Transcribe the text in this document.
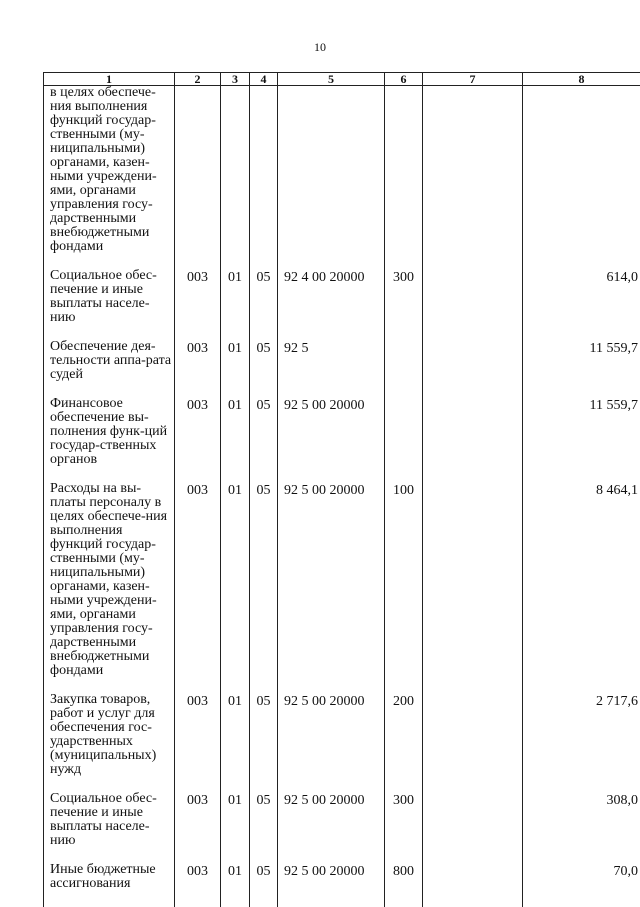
10
1	2	3	4	5	6	7	8
в целях обеспече-ния выполнения функций государ-ственными (му-ниципальными) органами, казен-ными учреждени-ями, органами управления госу-дарственными внебюджетными фондами							

Социальное обес-печение и иные выплаты населе-нию	003	01	05	92 4 00 20000	300		614,0

Обеспечение дея-тельности аппа-рата судей	003	01	05	92 5			11 559,7

Финансовое обеспечение вы-полнения функ-ций государ-ственных органов	003	01	05	92 5 00 20000			11 559,7

Расходы на вы-платы персоналу в целях обеспече-ния выполнения функций государ-ственными (му-ниципальными) органами, казен-ными учреждени-ями, органами управления госу-дарственными внебюджетными фондами	003	01	05	92 5 00 20000	100		8 464,1

Закупка товаров, работ и услуг для обеспечения гос-ударственных (муниципальных) нужд	003	01	05	92 5 00 20000	200		2 717,6

Социальное обес-печение и иные выплаты населе-нию	003	01	05	92 5 00 20000	300		308,0

Иные бюджетные ассигнования	003	01	05	92 5 00 20000	800		70,0
